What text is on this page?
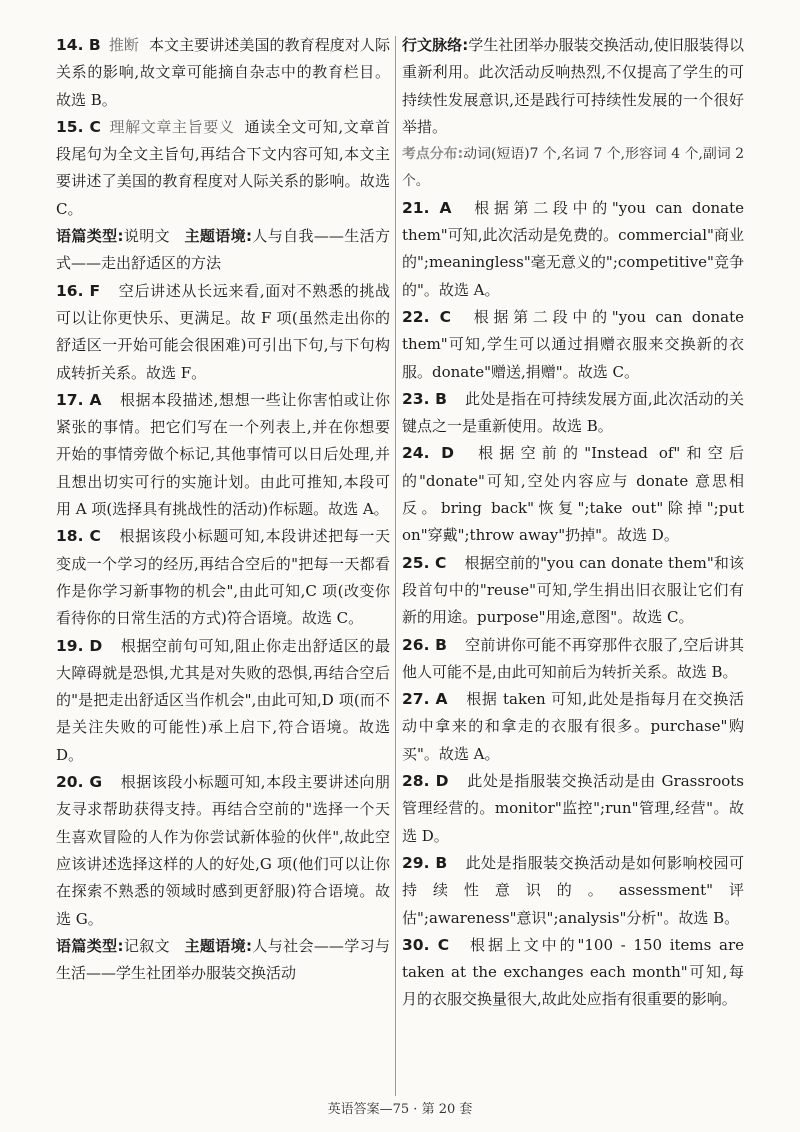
14. B 推断 本文主要讲述美国的教育程度对人际关系的影响,故文章可能摘自杂志中的教育栏目。故选 B。

15. C 理解文章主旨要义 通读全文可知,文章首段尾句为全文主旨句,再结合下文内容可知,本文主要讲述了美国的教育程度对人际关系的影响。故选 C。

语篇类型:说明文 主题语境:人与自我——生活方式——走出舒适区的方法

16. F 空后讲述从长远来看,面对不熟悉的挑战可以让你更快乐、更满足。故 F 项(虽然走出你的舒适区一开始可能会很困难)可引出下句,与下句构成转折关系。故选 F。

17. A 根据本段描述,想想一些让你害怕或让你紧张的事情。把它们写在一个列表上,并在你想要开始的事情旁做个标记,其他事情可以日后处理,并且想出切实可行的实施计划。由此可推知,本段可用 A 项(选择具有挑战性的活动)作标题。故选 A。

18. C 根据该段小标题可知,本段讲述把每一天变成一个学习的经历,再结合空后的"把每一天都看作是你学习新事物的机会",由此可知,C 项(改变你看待你的日常生活的方式)符合语境。故选 C。

19. D 根据空前句可知,阻止你走出舒适区的最大障碍就是恐惧,尤其是对失败的恐惧,再结合空后的"是把走出舒适区当作机会",由此可知,D 项(而不是关注失败的可能性)承上启下,符合语境。故选 D。

20. G 根据该段小标题可知,本段主要讲述向朋友寻求帮助获得支持。再结合空前的"选择一个天生喜欢冒险的人作为你尝试新体验的伙伴",故此空应该讲述选择这样的人的好处,G 项(他们可以让你在探索不熟悉的领域时感到更舒服)符合语境。故选 G。

语篇类型:记叙文 主题语境:人与社会——学习与生活——学生社团举办服装交换活动

行文脉络:学生社团举办服装交换活动,使旧服装得以重新利用。此次活动反响热烈,不仅提高了学生的可持续性发展意识,还是践行可持续性发展的一个很好举措。

考点分布:动词(短语)7 个,名词 7 个,形容词 4 个,副词 2 个。

21. A 根据第二段中的"you can donate them"可知,此次活动是免费的。commercial"商业的";meaningless"毫无意义的";competitive"竞争的"。故选 A。

22. C 根据第二段中的"you can donate them"可知,学生可以通过捐赠衣服来交换新的衣服。donate"赠送,捐赠"。故选 C。

23. B 此处是指在可持续发展方面,此次活动的关键点之一是重新使用。故选 B。

24. D 根据空前的"Instead of"和空后的"donate"可知,空处内容应与 donate 意思相反。bring back"恢复";take out"除掉";put on"穿戴";throw away"扔掉"。故选 D。

25. C 根据空前的"you can donate them"和该段首句中的"reuse"可知,学生捐出旧衣服让它们有新的用途。purpose"用途,意图"。故选 C。

26. B 空前讲你可能不再穿那件衣服了,空后讲其他人可能不是,由此可知前后为转折关系。故选 B。

27. A 根据 taken 可知,此处是指每月在交换活动中拿来的和拿走的衣服有很多。purchase"购买"。故选 A。

28. D 此处是指服装交换活动是由 Grassroots 管理经营的。monitor"监控";run"管理,经营"。故选 D。

29. B 此处是指服装交换活动是如何影响校园可持续性意识的。assessment"评估";awareness"意识";analysis"分析"。故选 B。

30. C 根据上文中的"100 - 150 items are taken at the exchanges each month"可知,每月的衣服交换量很大,故此处应指有很重要的影响。

英语答案—75 · 第 20 套
